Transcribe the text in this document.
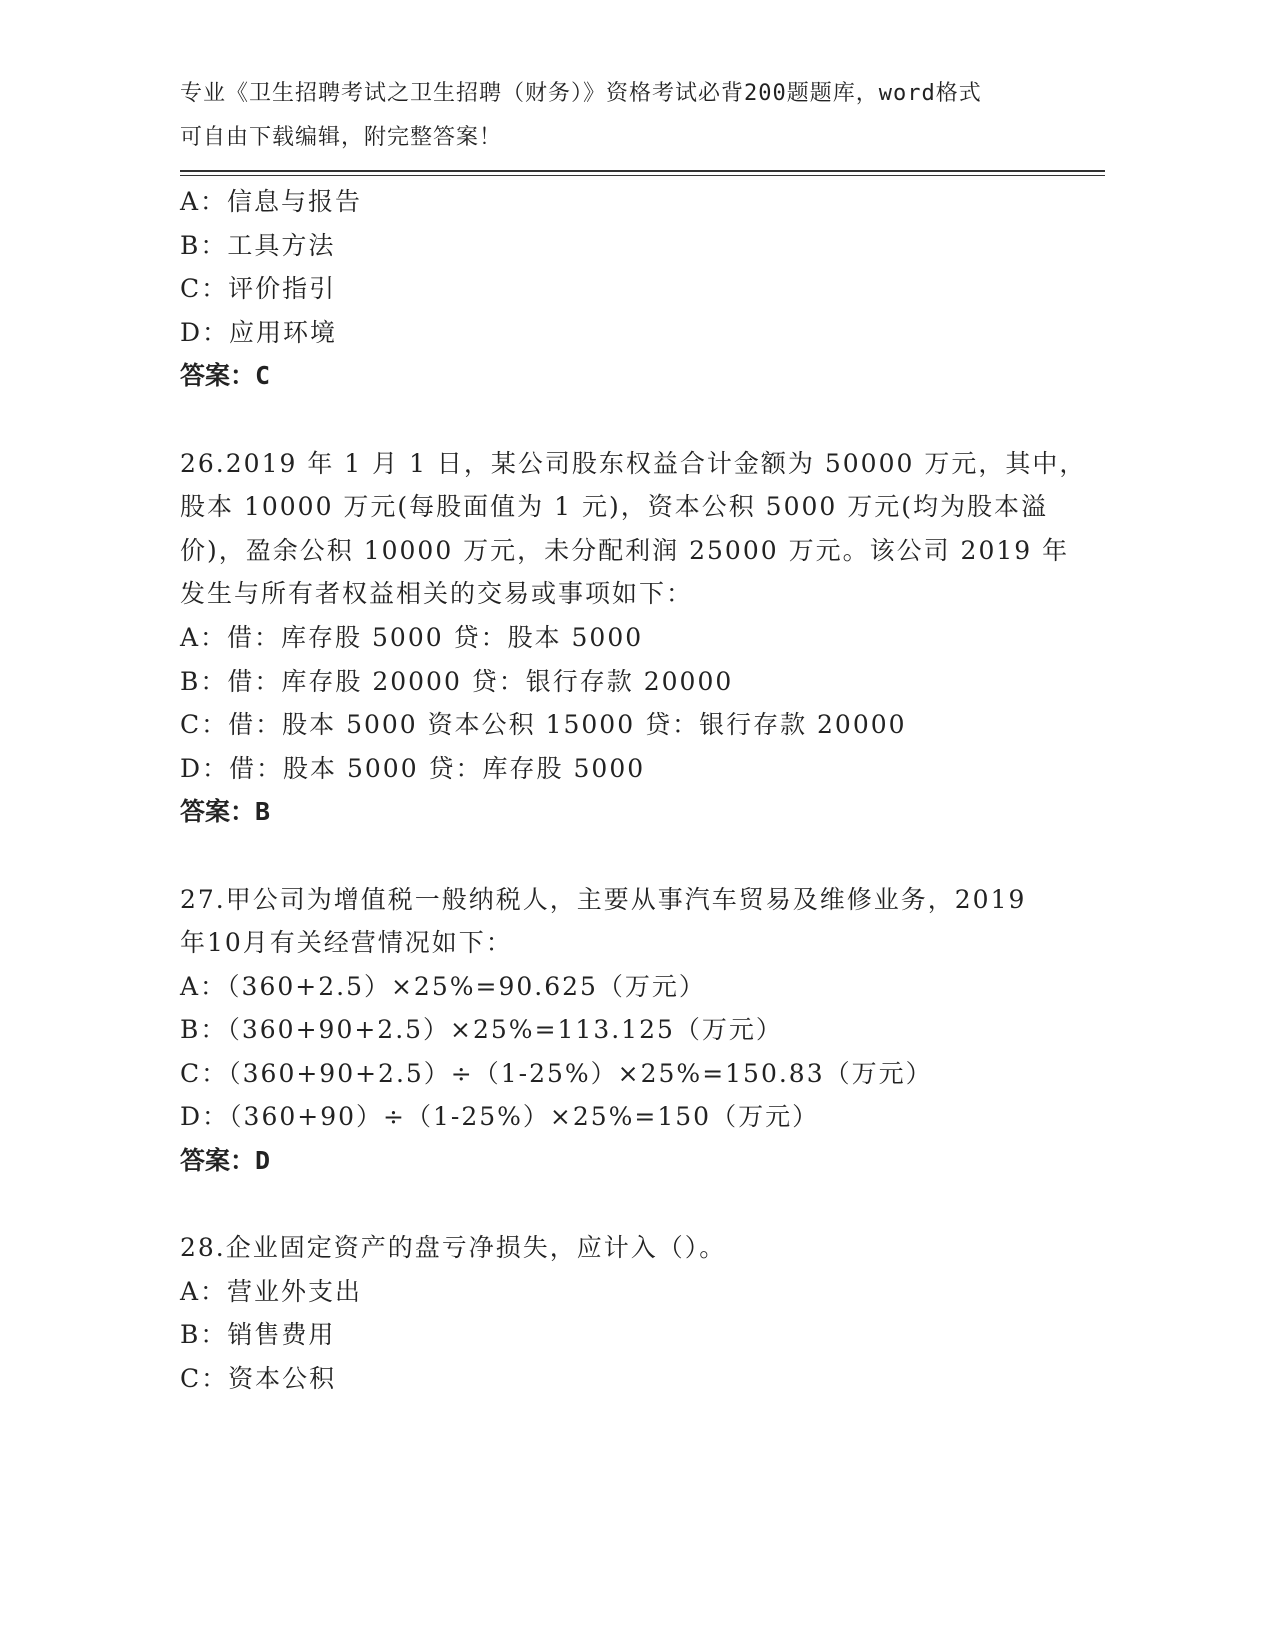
专业《卫生招聘考试之卫生招聘（财务）》资格考试必背200题题库，word格式
可自由下载编辑，附完整答案！
A：信息与报告
B：工具方法
C：评价指引
D：应用环境
答案：C
26.2019 年 1 月 1 日，某公司股东权益合计金额为 50000 万元，其中，
股本 10000 万元(每股面值为 1 元)，资本公积 5000 万元(均为股本溢
价)，盈余公积 10000 万元，未分配利润 25000 万元。该公司 2019 年
发生与所有者权益相关的交易或事项如下：
A：借：库存股 5000 贷：股本 5000
B：借：库存股 20000 贷：银行存款 20000
C：借：股本 5000 资本公积 15000 贷：银行存款 20000
D：借：股本 5000 贷：库存股 5000
答案：B
27.甲公司为增值税一般纳税人，主要从事汽车贸易及维修业务，2019
年10月有关经营情况如下：
A：（360+2.5）×25%=90.625（万元）
B：（360+90+2.5）×25%=113.125（万元）
C：（360+90+2.5）÷（1-25%）×25%=150.83（万元）
D：（360+90）÷（1-25%）×25%=150（万元）
答案：D
28.企业固定资产的盘亏净损失，应计入（）。
A：营业外支出
B：销售费用
C：资本公积
